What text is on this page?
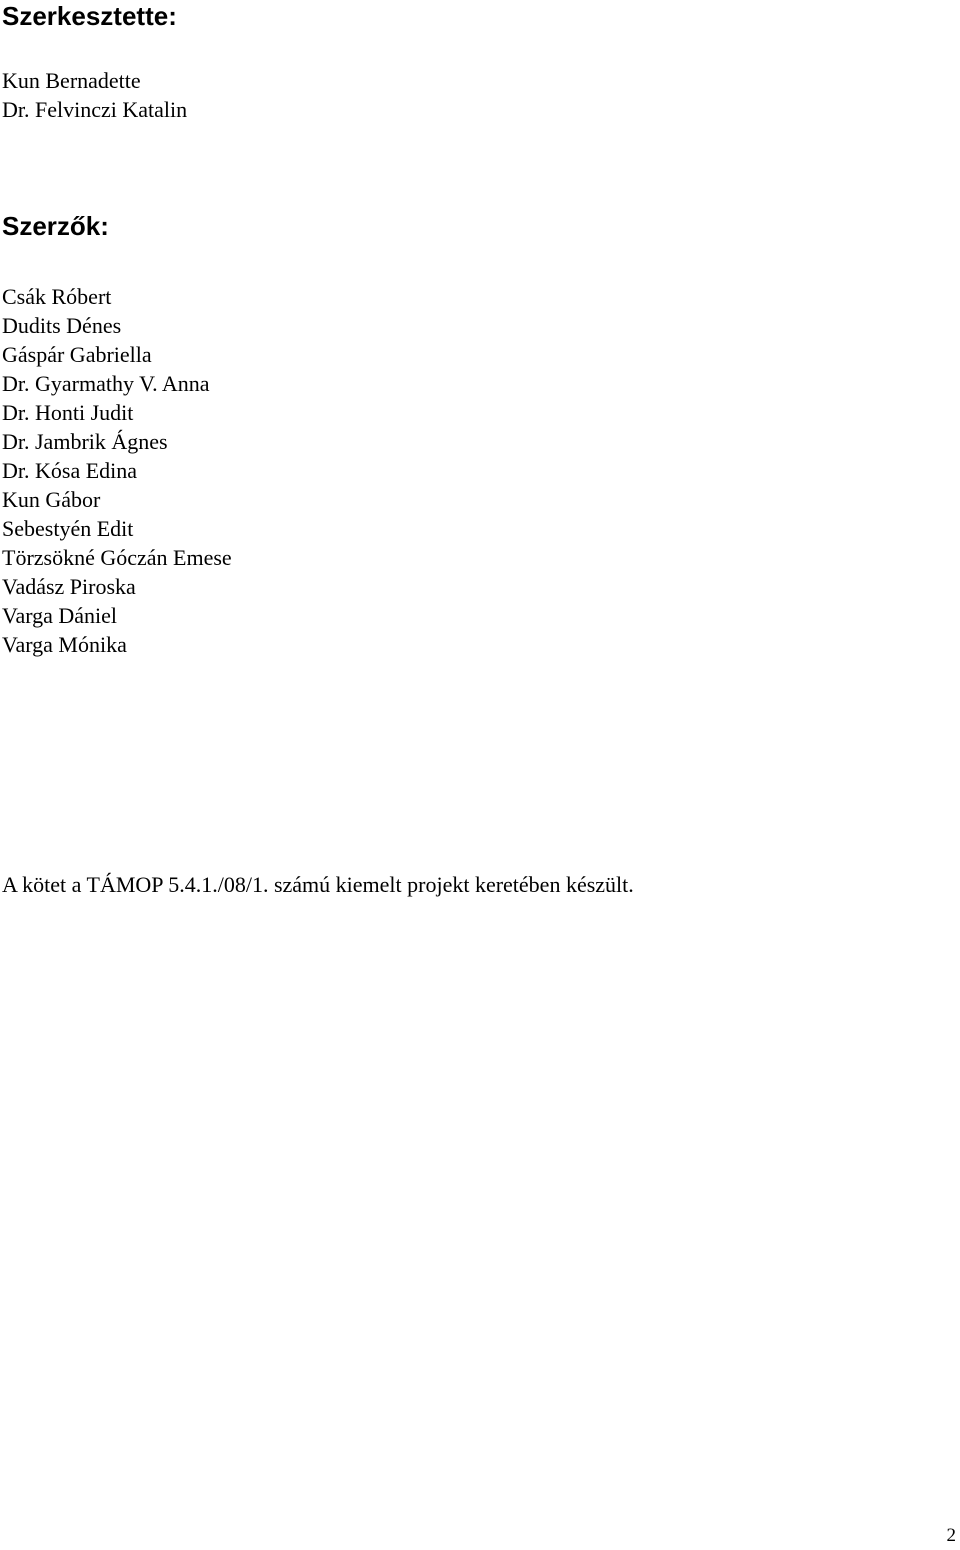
Szerkesztette:
Kun Bernadette
Dr. Felvinczi Katalin
Szerzők:
Csák Róbert
Dudits Dénes
Gáspár Gabriella
Dr. Gyarmathy V. Anna
Dr. Honti Judit
Dr. Jambrik Ágnes
Dr. Kósa Edina
Kun Gábor
Sebestyén Edit
Törzsökné Góczán Emese
Vadász Piroska
Varga Dániel
Varga Mónika

A kötet a TÁMOP 5.4.1./08/1. számú kiemelt projekt keretében készült.

2
